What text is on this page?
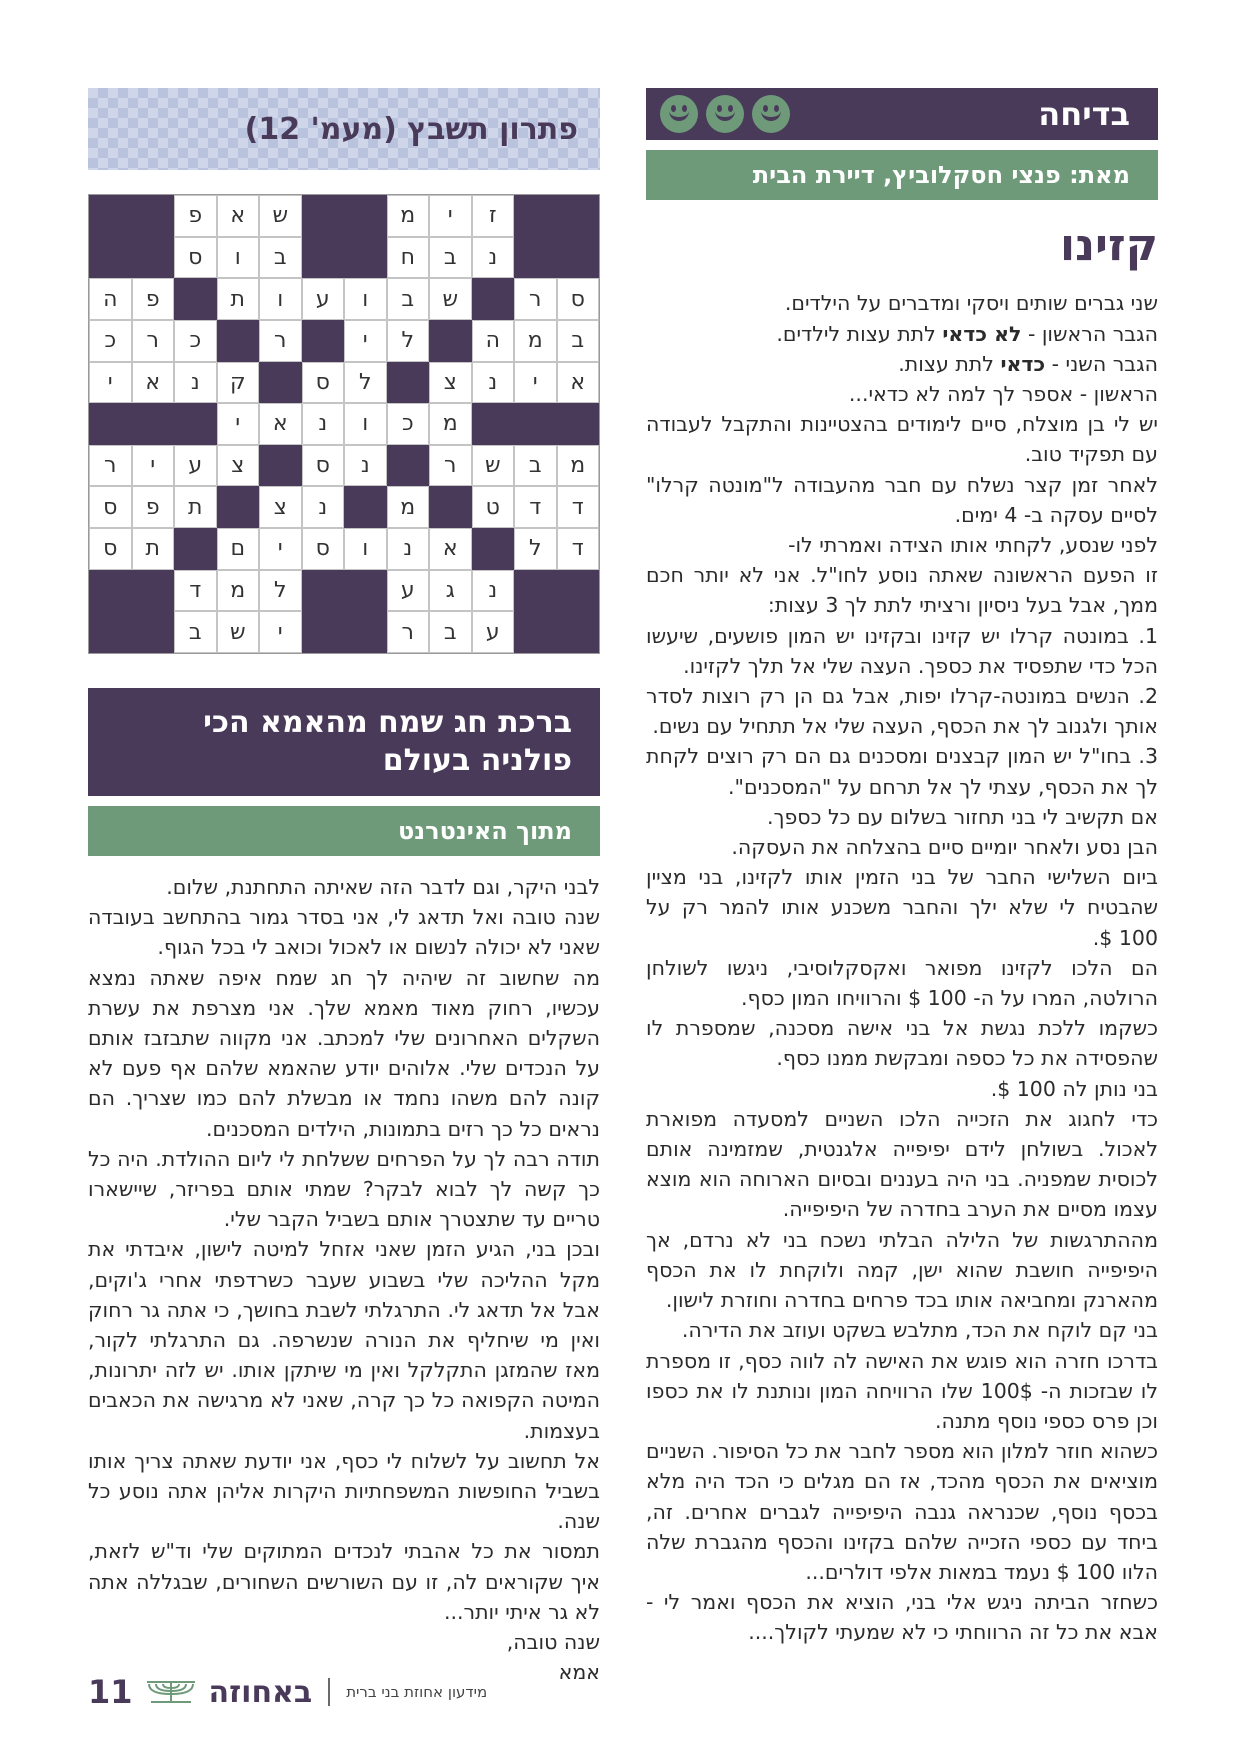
בדיחה
מאת: פנצי חסקלוביץ, דיירת הבית
קזינו

שני גברים שותים ויסקי ומדברים על הילדים.

הגבר הראשון - לא כדאי לתת עצות לילדים.

הגבר השני - כדאי לתת עצות.

הראשון - אספר לך למה לא כדאי...

יש לי בן מוצלח, סיים לימודים בהצטיינות והתקבל לעבודה עם תפקיד טוב.

לאחר זמן קצר נשלח עם חבר מהעבודה ל"מונטה קרלו" לסיים עסקה ב- 4 ימים.

לפני שנסע, לקחתי אותו הצידה ואמרתי לו-

זו הפעם הראשונה שאתה נוסע לחו"ל. אני לא יותר חכם ממך, אבל בעל ניסיון ורציתי לתת לך 3 עצות:

1. במונטה קרלו יש קזינו ובקזינו יש המון פושעים, שיעשו הכל כדי שתפסיד את כספך. העצה שלי אל תלך לקזינו.

2. הנשים במונטה-קרלו יפות, אבל גם הן רק רוצות לסדר אותך ולגנוב לך את הכסף, העצה שלי אל תתחיל עם נשים.

3. בחו"ל יש המון קבצנים ומסכנים גם הם רק רוצים לקחת לך את הכסף, עצתי לך אל תרחם על "המסכנים".

אם תקשיב לי בני תחזור בשלום עם כל כספך.

הבן נסע ולאחר יומיים סיים בהצלחה את העסקה.

ביום השלישי החבר של בני הזמין אותו לקזינו, בני מציין שהבטיח לי שלא ילך והחבר משכנע אותו להמר רק על 100 $.

הם הלכו לקזינו מפואר ואקסקלוסיבי, ניגשו לשולחן הרולטה, המרו על ה- 100 $ והרוויחו המון כסף.

כשקמו ללכת נגשת אל בני אישה מסכנה, שמספרת לו שהפסידה את כל כספה ומבקשת ממנו כסף.

בני נותן לה 100 $.

כדי לחגוג את הזכייה הלכו השניים למסעדה מפוארת לאכול. בשולחן לידם יפיפייה אלגנטית, שמזמינה אותם לכוסית שמפניה. בני היה בעננים ובסיום הארוחה הוא מוצא עצמו מסיים את הערב בחדרה של היפיפייה.

מההתרגשות של הלילה הבלתי נשכח בני לא נרדם, אך היפיפייה חושבת שהוא ישן, קמה ולוקחת לו את הכסף מהארנק ומחביאה אותו בכד פרחים בחדרה וחוזרת לישון.

בני קם לוקח את הכד, מתלבש בשקט ועוזב את הדירה.

בדרכו חזרה הוא פוגש את האישה לה לווה כסף, זו מספרת לו שבזכות ה- 100$ שלו הרוויחה המון ונותנת לו את כספו וכן פרס כספי נוסף מתנה.

כשהוא חוזר למלון הוא מספר לחבר את כל הסיפור. השניים מוציאים את הכסף מהכד, אז הם מגלים כי הכד היה מלא בכסף נוסף, שכנראה גנבה היפיפייה לגברים אחרים. זה, ביחד עם כספי הזכייה שלהם בקזינו והכסף מהגברת שלה הלוו 100 $ נעמד במאות אלפי דולרים...

כשחזר הביתה ניגש אלי בני, הוציא את הכסף ואמר לי - אבא את כל זה הרווחתי כי לא שמעתי לקולך....

פתרון תשבץ (מעמ' 12)
ז
י
מ
ש
א
פ
נ
ב
ח
ב
ו
ס
ס
ר
ש
ב
ו
ע
ו
ת
פ
ה
ב
מ
ה
ל
י
ר
כ
ר
כ
א
י
נ
צ
ל
ס
ק
נ
א
י
מ
כ
ו
נ
א
י
מ
ב
ש
ר
נ
ס
צ
ע
י
ר
ד
ד
ט
מ
נ
צ
ת
פ
ס
ד
ל
א
נ
ו
ס
י
ם
ת
ס
נ
ג
ע
ל
מ
ד
ע
ב
ר
י
ש
ב
ברכת חג שמח מהאמא הכי פולניה בעולם
מתוך האינטרנט

לבני היקר, וגם לדבר הזה שאיתה התחתנת, שלום.

שנה טובה ואל תדאג לי, אני בסדר גמור בהתחשב בעובדה שאני לא יכולה לנשום או לאכול וכואב לי בכל הגוף.

מה שחשוב זה שיהיה לך חג שמח איפה שאתה נמצא עכשיו, רחוק מאוד מאמא שלך. אני מצרפת את עשרת השקלים האחרונים שלי למכתב. אני מקווה שתבזבז אותם על הנכדים שלי. אלוהים יודע שהאמא שלהם אף פעם לא קונה להם משהו נחמד או מבשלת להם כמו שצריך. הם נראים כל כך רזים בתמונות, הילדים המסכנים.

תודה רבה לך על הפרחים ששלחת לי ליום ההולדת. היה כל כך קשה לך לבוא לבקר? שמתי אותם בפריזר, שיישארו טריים עד שתצטרך אותם בשביל הקבר שלי.

ובכן בני, הגיע הזמן שאני אזחל למיטה לישון, איבדתי את מקל ההליכה שלי בשבוע שעבר כשרדפתי אחרי ג'וקים, אבל אל תדאג לי. התרגלתי לשבת בחושך, כי אתה גר רחוק ואין מי שיחליף את הנורה שנשרפה. גם התרגלתי לקור, מאז שהמזגן התקלקל ואין מי שיתקן אותו. יש לזה יתרונות, המיטה הקפואה כל כך קרה, שאני לא מרגישה את הכאבים בעצמות.

אל תחשוב על לשלוח לי כסף, אני יודעת שאתה צריך אותו בשביל החופשות המשפחתיות היקרות אליהן אתה נוסע כל שנה.

תמסור את כל אהבתי לנכדים המתוקים שלי וד"ש לזאת, איך שקוראים לה, זו עם השורשים השחורים, שבגללה אתה לא גר איתי יותר...

שנה טובה,

אמא

11	באחוזה מידעון אחוזת בני ברית
